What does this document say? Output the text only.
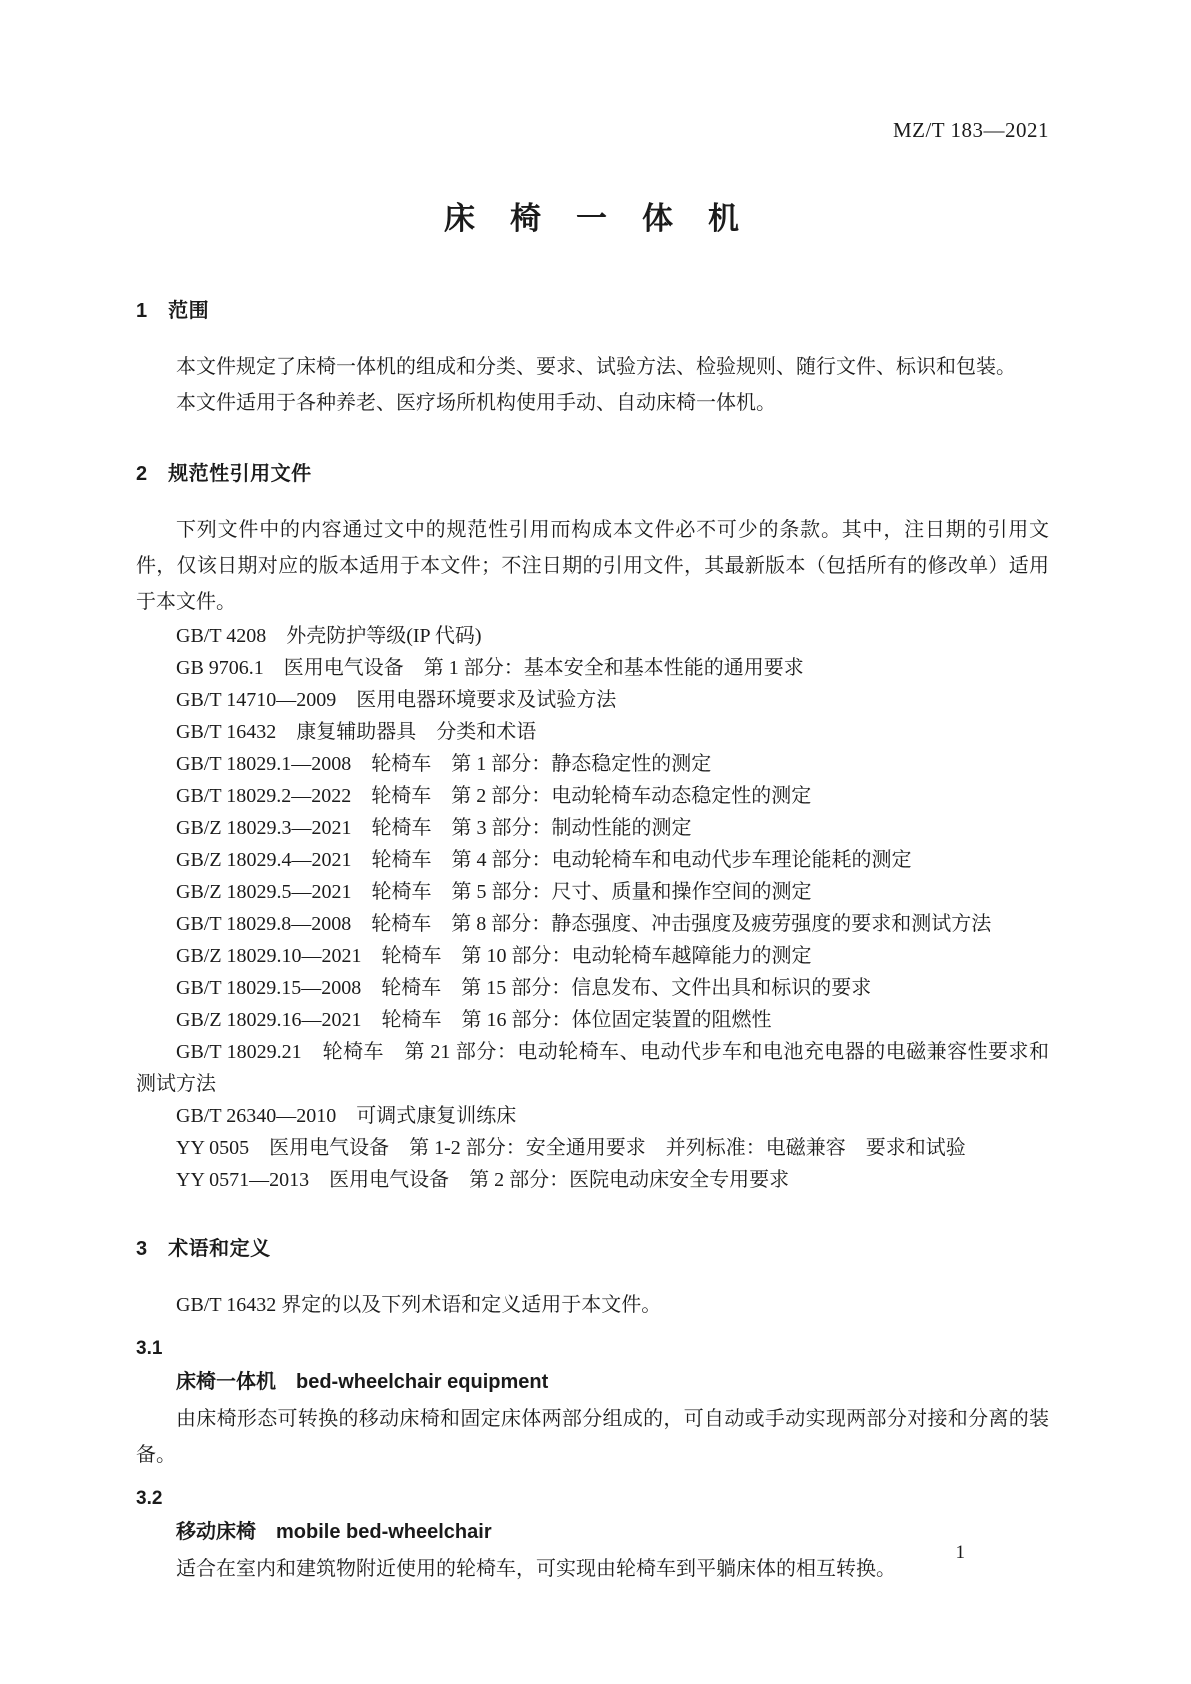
MZ/T 183—2021
床　椅　一　体　机
1　范围

本文件规定了床椅一体机的组成和分类、要求、试验方法、检验规则、随行文件、标识和包装。

本文件适用于各种养老、医疗场所机构使用手动、自动床椅一体机。

2　规范性引用文件

下列文件中的内容通过文中的规范性引用而构成本文件必不可少的条款。其中，注日期的引用文件，仅该日期对应的版本适用于本文件；不注日期的引用文件，其最新版本（包括所有的修改单）适用于本文件。

GB/T 4208　外壳防护等级(IP 代码)

GB 9706.1　医用电气设备　第 1 部分：基本安全和基本性能的通用要求

GB/T 14710—2009　医用电器环境要求及试验方法

GB/T 16432　康复辅助器具　分类和术语

GB/T 18029.1—2008　轮椅车　第 1 部分：静态稳定性的测定

GB/T 18029.2—2022　轮椅车　第 2 部分：电动轮椅车动态稳定性的测定

GB/Z 18029.3—2021　轮椅车　第 3 部分：制动性能的测定

GB/Z 18029.4—2021　轮椅车　第 4 部分：电动轮椅车和电动代步车理论能耗的测定

GB/Z 18029.5—2021　轮椅车　第 5 部分：尺寸、质量和操作空间的测定

GB/T 18029.8—2008　轮椅车　第 8 部分：静态强度、冲击强度及疲劳强度的要求和测试方法

GB/Z 18029.10—2021　轮椅车　第 10 部分：电动轮椅车越障能力的测定

GB/T 18029.15—2008　轮椅车　第 15 部分：信息发布、文件出具和标识的要求

GB/Z 18029.16—2021　轮椅车　第 16 部分：体位固定装置的阻燃性

GB/T 18029.21　轮椅车　第 21 部分：电动轮椅车、电动代步车和电池充电器的电磁兼容性要求和测试方法

GB/T 26340—2010　可调式康复训练床

YY 0505　医用电气设备　第 1-2 部分：安全通用要求　并列标准：电磁兼容　要求和试验

YY 0571—2013　医用电气设备　第 2 部分：医院电动床安全专用要求

3　术语和定义

GB/T 16432 界定的以及下列术语和定义适用于本文件。

3.1

床椅一体机　bed-wheelchair equipment

由床椅形态可转换的移动床椅和固定床体两部分组成的，可自动或手动实现两部分对接和分离的装备。

3.2

移动床椅　mobile bed-wheelchair

适合在室内和建筑物附近使用的轮椅车，可实现由轮椅车到平躺床体的相互转换。

1
